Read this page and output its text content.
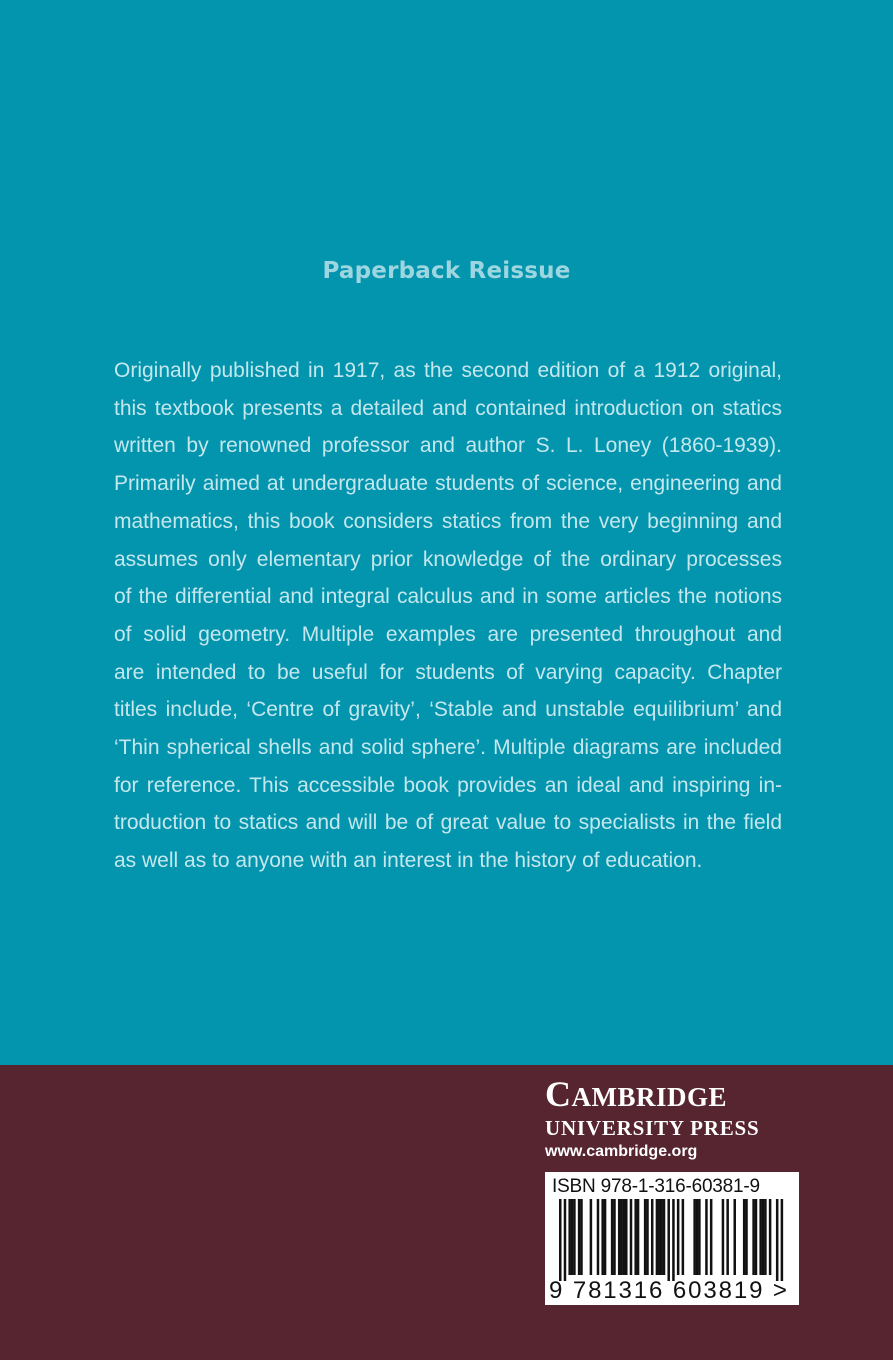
Paperback Reissue

Originally published in 1917, as the second edition of a 1912 original,
this textbook presents a detailed and contained introduction on statics
written by renowned professor and author S. L. Loney (1860-1939).
Primarily aimed at undergraduate students of science, engineering and
mathematics, this book considers statics from the very beginning and
assumes only elementary prior knowledge of the ordinary processes
of the differential and integral calculus and in some articles the notions
of solid geometry. Multiple examples are presented throughout and
are intended to be useful for students of varying capacity. Chapter
titles include, ‘Centre of gravity’, ‘Stable and unstable equilibrium’ and
‘Thin spherical shells and solid sphere’. Multiple diagrams are included
for reference. This accessible book provides an ideal and inspiring in-
troduction to statics and will be of great value to specialists in the field
as well as to anyone with an interest in the history of education.

CAMBRIDGE
UNIVERSITY PRESS
www.cambridge.org
ISBN 978-1-316-60381-9
9 781316 603819 >
